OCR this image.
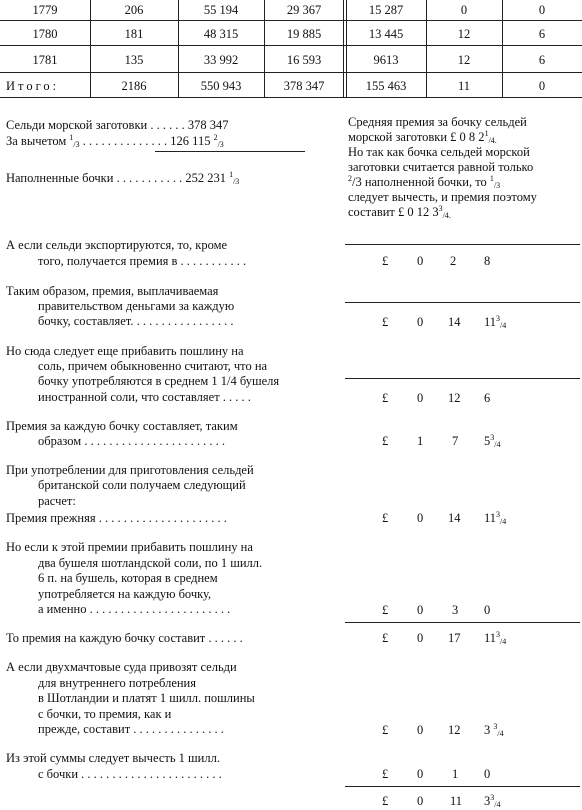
1779	206	55 194	29 367	15 287	0	0
1780	181	48 315	19 885	13 445	12	6
1781	135	33 992	16 593	9613	12	6
Итого:	2186	550 943	378 347	155 463	11	0
Сельди морской заготовки . . . . . . 378 347
За вычетом $^1_{/3}$ . . . . . . . . . . . . . . 126 115 $^2_{/3}$
Наполненные бочки . . . . . . . . . . . 252 231 $^1_{/3}$
Средняя премия за бочку сельдей
морской заготовки £ 0 8 $2^1_{/4.}$
Но так как бочка сельдей морской
заготовки считается равной только
$^2$/3 наполненной бочки, то $^1_{/3}$
следует вычесть, и премия поэтому
составит £ 0 12 $3^3_{/4.}$
А если сельди экспортируются, то, кроме
того, получается премия в . . . . . . . . . . .	£ 0 2 8
Таким образом, премия, выплачиваемая
правительством деньгами за каждую
бочку, составляет. . . . . . . . . . . . . . . . .	£ 0 14 $11^3_{/4}$
Но сюда следует еще прибавить пошлину на
соль, причем обыкновенно считают, что на
бочку употребляются в среднем 1 1/4 бушеля
иностранной соли, что составляет . . . . .	£ 0 12 6
Премия за каждую бочку составляет, таким
образом . . . . . . . . . . . . . . . . . . . . . . .	£ 1 7 $5^3_{/4}$
При употреблении для приготовления сельдей
британской соли получаем следующий
расчет:
Премия прежняя . . . . . . . . . . . . . . . . . . . . .	£ 0 14 $11^3_{/4}$
Но если к этой премии прибавить пошлину на
два бушеля шотландской соли, по 1 шилл.
6 п. на бушель, которая в среднем
употребляется на каждую бочку,
а именно . . . . . . . . . . . . . . . . . . . . . . .	£ 0 3 0
То премия на каждую бочку составит . . . . . .	£ 0 17 $11^3_{/4}$
А если двухмачтовые суда привозят сельди
для внутреннего потребления
в Шотландии и платят 1 шилл. пошлины
с бочки, то премия, как и
прежде, составит . . . . . . . . . . . . . . .	£ 0 12 3 $^3_{/4}$
Из этой суммы следует вычесть 1 шилл.
с бочки . . . . . . . . . . . . . . . . . . . . . . .	£ 0 1 0
£ 0 11 $3^3_{/4}$
